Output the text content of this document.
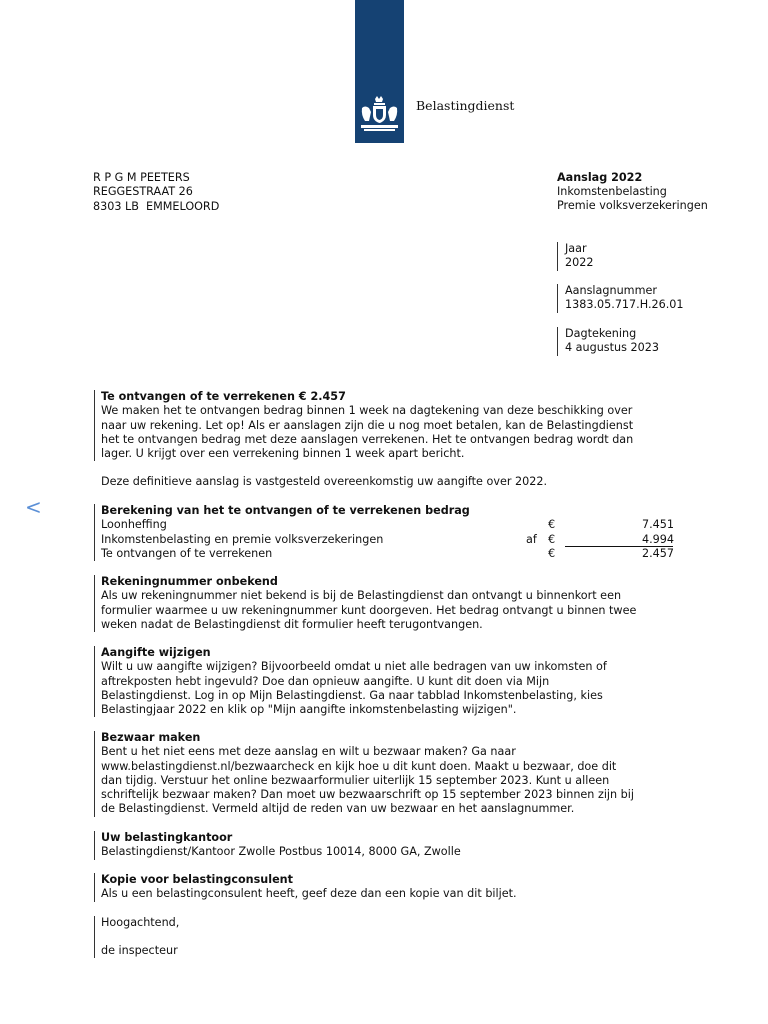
Belastingdienst
<
R P G M PEETERS
REGGESTRAAT 26
8303 LB  EMMELOORD
Aanslag 2022
Inkomstenbelasting
Premie volksverzekeringen
Jaar
2022
Aanslagnummer
1383.05.717.H.26.01
Dagtekening
4 augustus 2023

Te ontvangen of te verrekenen € 2.457

We maken het te ontvangen bedrag binnen 1 week na dagtekening van deze beschikking over

naar uw rekening. Let op! Als er aanslagen zijn die u nog moet betalen, kan de Belastingdienst

het te ontvangen bedrag met deze aanslagen verrekenen. Het te ontvangen bedrag wordt dan

lager. U krijgt over een verrekening binnen 1 week apart bericht.

Deze definitieve aanslag is vastgesteld overeenkomstig uw aangifte over 2022.

Berekening van het te ontvangen of te verrekenen bedrag

Loonheffing	€	7.451
Inkomstenbelasting en premie volksverzekeringen	af €	4.994
Te ontvangen of te verrekenen	€	2.457

Rekeningnummer onbekend

Als uw rekeningnummer niet bekend is bij de Belastingdienst dan ontvangt u binnenkort een

formulier waarmee u uw rekeningnummer kunt doorgeven. Het bedrag ontvangt u binnen twee

weken nadat de Belastingdienst dit formulier heeft terugontvangen.

Aangifte wijzigen

Wilt u uw aangifte wijzigen? Bijvoorbeeld omdat u niet alle bedragen van uw inkomsten of

aftrekposten hebt ingevuld? Doe dan opnieuw aangifte. U kunt dit doen via Mijn

Belastingdienst. Log in op Mijn Belastingdienst. Ga naar tabblad Inkomstenbelasting, kies

Belastingjaar 2022 en klik op "Mijn aangifte inkomstenbelasting wijzigen".

Bezwaar maken

Bent u het niet eens met deze aanslag en wilt u bezwaar maken? Ga naar

www.belastingdienst.nl/bezwaarcheck en kijk hoe u dit kunt doen. Maakt u bezwaar, doe dit

dan tijdig. Verstuur het online bezwaarformulier uiterlijk 15 september 2023. Kunt u alleen

schriftelijk bezwaar maken? Dan moet uw bezwaarschrift op 15 september 2023 binnen zijn bij

de Belastingdienst. Vermeld altijd de reden van uw bezwaar en het aanslagnummer.

Uw belastingkantoor

Belastingdienst/Kantoor Zwolle Postbus 10014, 8000 GA, Zwolle

Kopie voor belastingconsulent

Als u een belastingconsulent heeft, geef deze dan een kopie van dit biljet.

Hoogachtend,

de inspecteur
